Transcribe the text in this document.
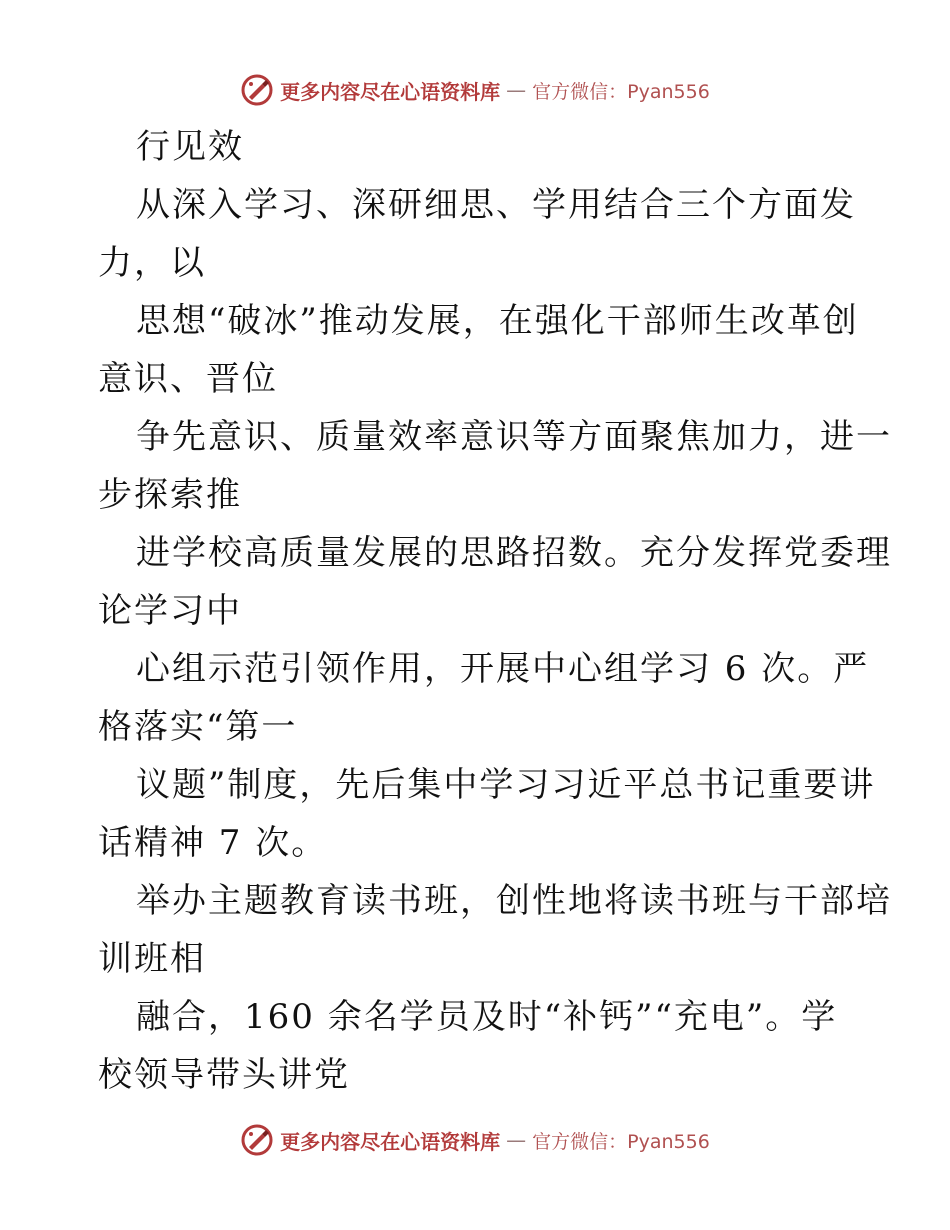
更多内容尽在心语资料库 — 官方微信：Pyan556
行见效
从深入学习、深研细思、学用结合三个方面发
力，以
思想“破冰”推动发展，在强化干部师生改革创
意识、晋位
争先意识、质量效率意识等方面聚焦加力，进一
步探索推
进学校高质量发展的思路招数。充分发挥党委理
论学习中
心组示范引领作用，开展中心组学习 6 次。严
格落实“第一
议题”制度，先后集中学习习近平总书记重要讲
话精神 7 次。
举办主题教育读书班，创性地将读书班与干部培
训班相
融合，160 余名学员及时“补钙”“充电”。学
校领导带头讲党
更多内容尽在心语资料库 — 官方微信：Pyan556
